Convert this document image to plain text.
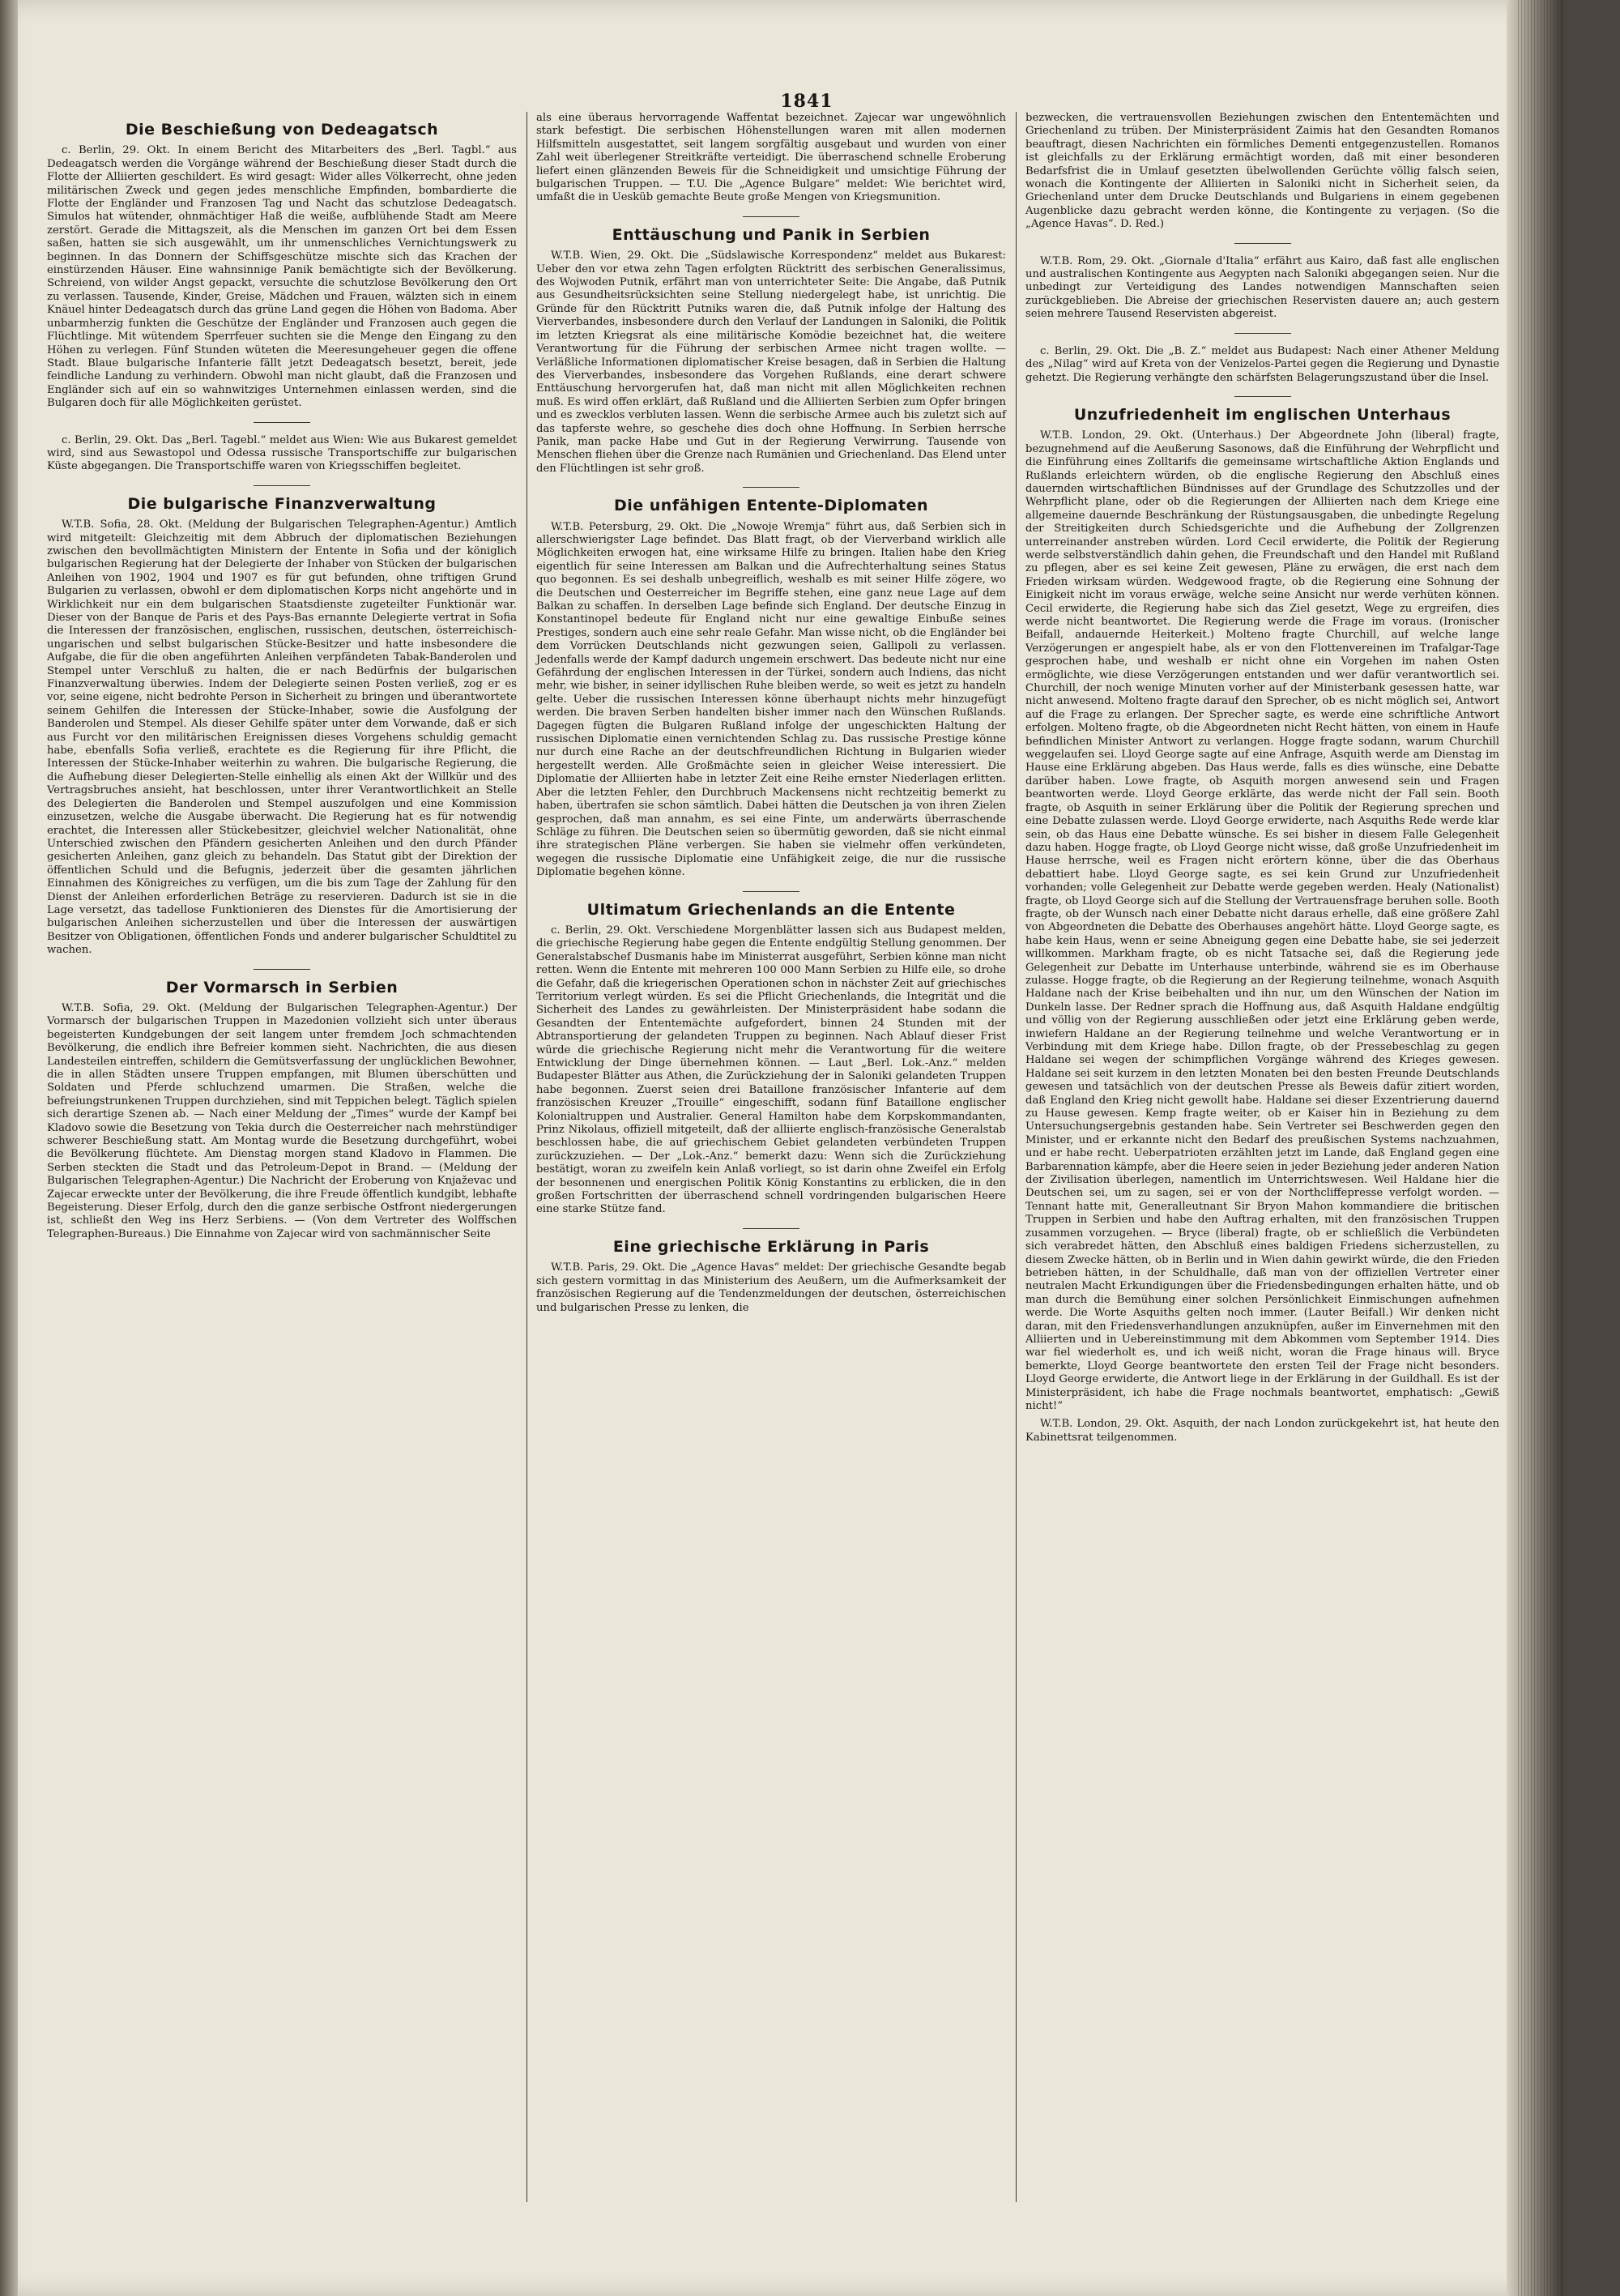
1841
Die Beschießung von Dedeagatsch

c. Berlin, 29. Okt. In einem Bericht des Mitarbeiters des „Berl. Tagbl.“ aus Dedeagatsch werden die Vorgänge während der Beschießung dieser Stadt durch die Flotte der Alliierten geschildert. Es wird gesagt: Wider alles Völkerrecht, ohne jeden militärischen Zweck und gegen jedes menschliche Empfinden, bombardierte die Flotte der Engländer und Franzosen Tag und Nacht das schutzlose Dedeagatsch. Simulos hat wütender, ohnmächtiger Haß die weiße, aufblühende Stadt am Meere zerstört. Gerade die Mittagszeit, als die Menschen im ganzen Ort bei dem Essen saßen, hatten sie sich ausgewählt, um ihr unmenschliches Vernichtungswerk zu beginnen. In das Donnern der Schiffsgeschütze mischte sich das Krachen der einstürzenden Häuser. Eine wahnsinnige Panik bemächtigte sich der Bevölkerung. Schreiend, von wilder Angst gepackt, versuchte die schutzlose Bevölkerung den Ort zu verlassen. Tausende, Kinder, Greise, Mädchen und Frauen, wälzten sich in einem Knäuel hinter Dedeagatsch durch das grüne Land gegen die Höhen von Badoma. Aber unbarmherzig funkten die Geschütze der Engländer und Franzosen auch gegen die Flüchtlinge. Mit wütendem Sperrfeuer suchten sie die Menge den Eingang zu den Höhen zu verlegen. Fünf Stunden wüteten die Meeresungeheuer gegen die offene Stadt. Blaue bulgarische Infanterie fällt jetzt Dedeagatsch besetzt, bereit, jede feindliche Landung zu verhindern. Obwohl man nicht glaubt, daß die Franzosen und Engländer sich auf ein so wahnwitziges Unternehmen einlassen werden, sind die Bulgaren doch für alle Möglichkeiten gerüstet.

c. Berlin, 29. Okt. Das „Berl. Tagebl.“ meldet aus Wien: Wie aus Bukarest gemeldet wird, sind aus Sewastopol und Odessa russische Transportschiffe zur bulgarischen Küste abgegangen. Die Transportschiffe waren von Kriegsschiffen begleitet.

Die bulgarische Finanzverwaltung

W.T.B. Sofia, 28. Okt. (Meldung der Bulgarischen Telegraphen-Agentur.) Amtlich wird mitgeteilt: Gleichzeitig mit dem Abbruch der diplomatischen Beziehungen zwischen den bevollmächtigten Ministern der Entente in Sofia und der königlich bulgarischen Regierung hat der Delegierte der Inhaber von Stücken der bulgarischen Anleihen von 1902, 1904 und 1907 es für gut befunden, ohne triftigen Grund Bulgarien zu verlassen, obwohl er dem diplomatischen Korps nicht angehörte und in Wirklichkeit nur ein dem bulgarischen Staatsdienste zugeteilter Funktionär war. Dieser von der Banque de Paris et des Pays-Bas ernannte Delegierte vertrat in Sofia die Interessen der französischen, englischen, russischen, deutschen, österreichisch-ungarischen und selbst bulgarischen Stücke-Besitzer und hatte insbesondere die Aufgabe, die für die oben angeführten Anleihen verpfändeten Tabak-Banderolen und Stempel unter Verschluß zu halten, die er nach Bedürfnis der bulgarischen Finanzverwaltung überwies. Indem der Delegierte seinen Posten verließ, zog er es vor, seine eigene, nicht bedrohte Person in Sicherheit zu bringen und überantwortete seinem Gehilfen die Interessen der Stücke-Inhaber, sowie die Ausfolgung der Banderolen und Stempel. Als dieser Gehilfe später unter dem Vorwande, daß er sich aus Furcht vor den militärischen Ereignissen dieses Vorgehens schuldig gemacht habe, ebenfalls Sofia verließ, erachtete es die Regierung für ihre Pflicht, die Interessen der Stücke-Inhaber weiterhin zu wahren. Die bulgarische Regierung, die die Aufhebung dieser Delegierten-Stelle einhellig als einen Akt der Willkür und des Vertragsbruches ansieht, hat beschlossen, unter ihrer Verantwortlichkeit an Stelle des Delegierten die Banderolen und Stempel auszufolgen und eine Kommission einzusetzen, welche die Ausgabe überwacht. Die Regierung hat es für notwendig erachtet, die Interessen aller Stückebesitzer, gleichviel welcher Nationalität, ohne Unterschied zwischen den Pfändern gesicherten Anleihen und den durch Pfänder gesicherten Anleihen, ganz gleich zu behandeln. Das Statut gibt der Direktion der öffentlichen Schuld und die Befugnis, jederzeit über die gesamten jährlichen Einnahmen des Königreiches zu verfügen, um die bis zum Tage der Zahlung für den Dienst der Anleihen erforderlichen Beträge zu reservieren. Dadurch ist sie in die Lage versetzt, das tadellose Funktionieren des Dienstes für die Amortisierung der bulgarischen Anleihen sicherzustellen und über die Interessen der auswärtigen Besitzer von Obligationen, öffentlichen Fonds und anderer bulgarischer Schuldtitel zu wachen.

Der Vormarsch in Serbien

W.T.B. Sofia, 29. Okt. (Meldung der Bulgarischen Telegraphen-Agentur.) Der Vormarsch der bulgarischen Truppen in Mazedonien vollzieht sich unter überaus begeisterten Kundgebungen der seit langem unter fremdem Joch schmachtenden Bevölkerung, die endlich ihre Befreier kommen sieht. Nachrichten, die aus diesen Landesteilen eintreffen, schildern die Gemütsverfassung der unglücklichen Bewohner, die in allen Städten unsere Truppen empfangen, mit Blumen überschütten und Soldaten und Pferde schluchzend umarmen. Die Straßen, welche die befreiungstrunkenen Truppen durchziehen, sind mit Teppichen belegt. Täglich spielen sich derartige Szenen ab. — Nach einer Meldung der „Times“ wurde der Kampf bei Kladovo sowie die Besetzung von Tekia durch die Oesterreicher nach mehrstündiger schwerer Beschießung statt. Am Montag wurde die Besetzung durchgeführt, wobei die Bevölkerung flüchtete. Am Dienstag morgen stand Kladovo in Flammen. Die Serben steckten die Stadt und das Petroleum-Depot in Brand. — (Meldung der Bulgarischen Telegraphen-Agentur.) Die Nachricht der Eroberung von Knjaževac und Zajecar erweckte unter der Bevölkerung, die ihre Freude öffentlich kundgibt, lebhafte Begeisterung. Dieser Erfolg, durch den die ganze serbische Ostfront niedergerungen ist, schließt den Weg ins Herz Serbiens. — (Von dem Vertreter des Wolffschen Telegraphen-Bureaus.) Die Einnahme von Zajecar wird von sachmännischer Seite

als eine überaus hervorragende Waffentat bezeichnet. Zajecar war ungewöhnlich stark befestigt. Die serbischen Höhenstellungen waren mit allen modernen Hilfsmitteln ausgestattet, seit langem sorgfältig ausgebaut und wurden von einer Zahl weit überlegener Streitkräfte verteidigt. Die überraschend schnelle Eroberung liefert einen glänzenden Beweis für die Schneidigkeit und umsichtige Führung der bulgarischen Truppen. — T.U. Die „Agence Bulgare“ meldet: Wie berichtet wird, umfaßt die in Uesküb gemachte Beute große Mengen von Kriegsmunition.

Enttäuschung und Panik in Serbien

W.T.B. Wien, 29. Okt. Die „Südslawische Korrespondenz“ meldet aus Bukarest: Ueber den vor etwa zehn Tagen erfolgten Rücktritt des serbischen Generalissimus, des Wojwoden Putnik, erfährt man von unterrichteter Seite: Die Angabe, daß Putnik aus Gesundheitsrücksichten seine Stellung niedergelegt habe, ist unrichtig. Die Gründe für den Rücktritt Putniks waren die, daß Putnik infolge der Haltung des Vierverbandes, insbesondere durch den Verlauf der Landungen in Saloniki, die Politik im letzten Kriegsrat als eine militärische Komödie bezeichnet hat, die weitere Verantwortung für die Führung der serbischen Armee nicht tragen wollte. — Verläßliche Informationen diplomatischer Kreise besagen, daß in Serbien die Haltung des Vierverbandes, insbesondere das Vorgehen Rußlands, eine derart schwere Enttäuschung hervorgerufen hat, daß man nicht mit allen Möglichkeiten rechnen muß. Es wird offen erklärt, daß Rußland und die Alliierten Serbien zum Opfer bringen und es zwecklos verbluten lassen. Wenn die serbische Armee auch bis zuletzt sich auf das tapferste wehre, so geschehe dies doch ohne Hoffnung. In Serbien herrsche Panik, man packe Habe und Gut in der Regierung Verwirrung. Tausende von Menschen fliehen über die Grenze nach Rumänien und Griechenland. Das Elend unter den Flüchtlingen ist sehr groß.

Die unfähigen Entente-Diplomaten

W.T.B. Petersburg, 29. Okt. Die „Nowoje Wremja“ führt aus, daß Serbien sich in allerschwierigster Lage befindet. Das Blatt fragt, ob der Vierverband wirklich alle Möglichkeiten erwogen hat, eine wirksame Hilfe zu bringen. Italien habe den Krieg eigentlich für seine Interessen am Balkan und die Aufrechterhaltung seines Status quo begonnen. Es sei deshalb unbegreiflich, weshalb es mit seiner Hilfe zögere, wo die Deutschen und Oesterreicher im Begriffe stehen, eine ganz neue Lage auf dem Balkan zu schaffen. In derselben Lage befinde sich England. Der deutsche Einzug in Konstantinopel bedeute für England nicht nur eine gewaltige Einbuße seines Prestiges, sondern auch eine sehr reale Gefahr. Man wisse nicht, ob die Engländer bei dem Vorrücken Deutschlands nicht gezwungen seien, Gallipoli zu verlassen. Jedenfalls werde der Kampf dadurch ungemein erschwert. Das bedeute nicht nur eine Gefährdung der englischen Interessen in der Türkei, sondern auch Indiens, das nicht mehr, wie bisher, in seiner idyllischen Ruhe bleiben werde, so weit es jetzt zu handeln gelte. Ueber die russischen Interessen könne überhaupt nichts mehr hinzugefügt werden. Die braven Serben handelten bisher immer nach den Wünschen Rußlands. Dagegen fügten die Bulgaren Rußland infolge der ungeschickten Haltung der russischen Diplomatie einen vernichtenden Schlag zu. Das russische Prestige könne nur durch eine Rache an der deutschfreundlichen Richtung in Bulgarien wieder hergestellt werden. Alle Großmächte seien in gleicher Weise interessiert. Die Diplomatie der Alliierten habe in letzter Zeit eine Reihe ernster Niederlagen erlitten. Aber die letzten Fehler, den Durchbruch Mackensens nicht rechtzeitig bemerkt zu haben, übertrafen sie schon sämtlich. Dabei hätten die Deutschen ja von ihren Zielen gesprochen, daß man annahm, es sei eine Finte, um anderwärts überraschende Schläge zu führen. Die Deutschen seien so übermütig geworden, daß sie nicht einmal ihre strategischen Pläne verbergen. Sie haben sie vielmehr offen verkündeten, wegegen die russische Diplomatie eine Unfähigkeit zeige, die nur die russische Diplomatie begehen könne.

Ultimatum Griechenlands an die Entente

c. Berlin, 29. Okt. Verschiedene Morgenblätter lassen sich aus Budapest melden, die griechische Regierung habe gegen die Entente endgültig Stellung genommen. Der Generalstabschef Dusmanis habe im Ministerrat ausgeführt, Serbien könne man nicht retten. Wenn die Entente mit mehreren 100 000 Mann Serbien zu Hilfe eile, so drohe die Gefahr, daß die kriegerischen Operationen schon in nächster Zeit auf griechisches Territorium verlegt würden. Es sei die Pflicht Griechenlands, die Integrität und die Sicherheit des Landes zu gewährleisten. Der Ministerpräsident habe sodann die Gesandten der Ententemächte aufgefordert, binnen 24 Stunden mit der Abtransportierung der gelandeten Truppen zu beginnen. Nach Ablauf dieser Frist würde die griechische Regierung nicht mehr die Verantwortung für die weitere Entwicklung der Dinge übernehmen können. — Laut „Berl. Lok.-Anz.“ melden Budapester Blätter aus Athen, die Zurückziehung der in Saloniki gelandeten Truppen habe begonnen. Zuerst seien drei Bataillone französischer Infanterie auf dem französischen Kreuzer „Trouille“ eingeschifft, sodann fünf Bataillone englischer Kolonialtruppen und Australier. General Hamilton habe dem Korpskommandanten, Prinz Nikolaus, offiziell mitgeteilt, daß der alliierte englisch-französische Generalstab beschlossen habe, die auf griechischem Gebiet gelandeten verbündeten Truppen zurückzuziehen. — Der „Lok.-Anz.“ bemerkt dazu: Wenn sich die Zurückziehung bestätigt, woran zu zweifeln kein Anlaß vorliegt, so ist darin ohne Zweifel ein Erfolg der besonnenen und energischen Politik König Konstantins zu erblicken, die in den großen Fortschritten der überraschend schnell vordringenden bulgarischen Heere eine starke Stütze fand.

Eine griechische Erklärung in Paris

W.T.B. Paris, 29. Okt. Die „Agence Havas“ meldet: Der griechische Gesandte begab sich gestern vormittag in das Ministerium des Aeußern, um die Aufmerksamkeit der französischen Regierung auf die Tendenzmeldungen der deutschen, österreichischen und bulgarischen Presse zu lenken, die

bezwecken, die vertrauensvollen Beziehungen zwischen den Ententemächten und Griechenland zu trüben. Der Ministerpräsident Zaimis hat den Gesandten Romanos beauftragt, diesen Nachrichten ein förmliches Dementi entgegenzustellen. Romanos ist gleichfalls zu der Erklärung ermächtigt worden, daß mit einer besonderen Bedarfsfrist die in Umlauf gesetzten übelwollenden Gerüchte völlig falsch seien, wonach die Kontingente der Alliierten in Saloniki nicht in Sicherheit seien, da Griechenland unter dem Drucke Deutschlands und Bulgariens in einem gegebenen Augenblicke dazu gebracht werden könne, die Kontingente zu verjagen. (So die „Agence Havas“. D. Red.)

W.T.B. Rom, 29. Okt. „Giornale d'Italia“ erfährt aus Kairo, daß fast alle englischen und australischen Kontingente aus Aegypten nach Saloniki abgegangen seien. Nur die unbedingt zur Verteidigung des Landes notwendigen Mannschaften seien zurückgeblieben. Die Abreise der griechischen Reservisten dauere an; auch gestern seien mehrere Tausend Reservisten abgereist.

c. Berlin, 29. Okt. Die „B. Z.“ meldet aus Budapest: Nach einer Athener Meldung des „Nilag“ wird auf Kreta von der Venizelos-Partei gegen die Regierung und Dynastie gehetzt. Die Regierung verhängte den schärfsten Belagerungszustand über die Insel.

Unzufriedenheit im englischen Unterhaus

W.T.B. London, 29. Okt. (Unterhaus.) Der Abgeordnete John (liberal) fragte, bezugnehmend auf die Aeußerung Sasonows, daß die Einführung der Wehrpflicht und die Einführung eines Zolltarifs die gemeinsame wirtschaftliche Aktion Englands und Rußlands erleichtern würden, ob die englische Regierung den Abschluß eines dauernden wirtschaftlichen Bündnisses auf der Grundlage des Schutzzolles und der Wehrpflicht plane, oder ob die Regierungen der Alliierten nach dem Kriege eine allgemeine dauernde Beschränkung der Rüstungsausgaben, die unbedingte Regelung der Streitigkeiten durch Schiedsgerichte und die Aufhebung der Zollgrenzen unterreinander anstreben würden. Lord Cecil erwiderte, die Politik der Regierung werde selbstverständlich dahin gehen, die Freundschaft und den Handel mit Rußland zu pflegen, aber es sei keine Zeit gewesen, Pläne zu erwägen, die erst nach dem Frieden wirksam würden. Wedgewood fragte, ob die Regierung eine Sohnung der Einigkeit nicht im voraus erwäge, welche seine Ansicht nur werde verhüten können. Cecil erwiderte, die Regierung habe sich das Ziel gesetzt, Wege zu ergreifen, dies werde nicht beantwortet. Die Regierung werde die Frage im voraus. (Ironischer Beifall, andauernde Heiterkeit.) Molteno fragte Churchill, auf welche lange Verzögerungen er angespielt habe, als er von den Flottenvereinen im Trafalgar-Tage gesprochen habe, und weshalb er nicht ohne ein Vorgehen im nahen Osten ermöglichte, wie diese Verzögerungen entstanden und wer dafür verantwortlich sei. Churchill, der noch wenige Minuten vorher auf der Ministerbank gesessen hatte, war nicht anwesend. Molteno fragte darauf den Sprecher, ob es nicht möglich sei, Antwort auf die Frage zu erlangen. Der Sprecher sagte, es werde eine schriftliche Antwort erfolgen. Molteno fragte, ob die Abgeordneten nicht Recht hätten, von einem in Haufe befindlichen Minister Antwort zu verlangen. Hogge fragte sodann, warum Churchill weggelaufen sei. Lloyd George sagte auf eine Anfrage, Asquith werde am Dienstag im Hause eine Erklärung abgeben. Das Haus werde, falls es dies wünsche, eine Debatte darüber haben. Lowe fragte, ob Asquith morgen anwesend sein und Fragen beantworten werde. Lloyd George erklärte, das werde nicht der Fall sein. Booth fragte, ob Asquith in seiner Erklärung über die Politik der Regierung sprechen und eine Debatte zulassen werde. Lloyd George erwiderte, nach Asquiths Rede werde klar sein, ob das Haus eine Debatte wünsche. Es sei bisher in diesem Falle Gelegenheit dazu haben. Hogge fragte, ob Lloyd George nicht wisse, daß große Unzufriedenheit im Hause herrsche, weil es Fragen nicht erörtern könne, über die das Oberhaus debattiert habe. Lloyd George sagte, es sei kein Grund zur Unzufriedenheit vorhanden; volle Gelegenheit zur Debatte werde gegeben werden. Healy (Nationalist) fragte, ob Lloyd George sich auf die Stellung der Vertrauensfrage beruhen solle. Booth fragte, ob der Wunsch nach einer Debatte nicht daraus erhelle, daß eine größere Zahl von Abgeordneten die Debatte des Oberhauses angehört hätte. Lloyd George sagte, es habe kein Haus, wenn er seine Abneigung gegen eine Debatte habe, sie sei jederzeit willkommen. Markham fragte, ob es nicht Tatsache sei, daß die Regierung jede Gelegenheit zur Debatte im Unterhause unterbinde, während sie es im Oberhause zulasse. Hogge fragte, ob die Regierung an der Regierung teilnehme, wonach Asquith Haldane nach der Krise beibehalten und ihn nur, um den Wünschen der Nation im Dunkeln lasse. Der Redner sprach die Hoffnung aus, daß Asquith Haldane endgültig und völlig von der Regierung ausschließen oder jetzt eine Erklärung geben werde, inwiefern Haldane an der Regierung teilnehme und welche Verantwortung er in Verbindung mit dem Kriege habe. Dillon fragte, ob der Pressebeschlag zu gegen Haldane sei wegen der schimpflichen Vorgänge während des Krieges gewesen. Haldane sei seit kurzem in den letzten Monaten bei den besten Freunde Deutschlands gewesen und tatsächlich von der deutschen Presse als Beweis dafür zitiert worden, daß England den Krieg nicht gewollt habe. Haldane sei dieser Exzentrierung dauernd zu Hause gewesen. Kemp fragte weiter, ob er Kaiser hin in Beziehung zu dem Untersuchungsergebnis gestanden habe. Sein Vertreter sei Beschwerden gegen den Minister, und er erkannte nicht den Bedarf des preußischen Systems nachzuahmen, und er habe recht. Ueberpatrioten erzählten jetzt im Lande, daß England gegen eine Barbarennation kämpfe, aber die Heere seien in jeder Beziehung jeder anderen Nation der Zivilisation überlegen, namentlich im Unterrichtswesen. Weil Haldane hier die Deutschen sei, um zu sagen, sei er von der Northcliffepresse verfolgt worden. — Tennant hatte mit, Generalleutnant Sir Bryon Mahon kommandiere die britischen Truppen in Serbien und habe den Auftrag erhalten, mit den französischen Truppen zusammen vorzugehen. — Bryce (liberal) fragte, ob er schließlich die Verbündeten sich verabredet hätten, den Abschluß eines baldigen Friedens sicherzustellen, zu diesem Zwecke hätten, ob in Berlin und in Wien dahin gewirkt würde, die den Frieden betrieben hätten, in der Schuldhalle, daß man von der offiziellen Vertreter einer neutralen Macht Erkundigungen über die Friedensbedingungen erhalten hätte, und ob man durch die Bemühung einer solchen Persönlichkeit Einmischungen aufnehmen werde. Die Worte Asquiths gelten noch immer. (Lauter Beifall.) Wir denken nicht daran, mit den Friedensverhandlungen anzuknüpfen, außer im Einvernehmen mit den Alliierten und in Uebereinstimmung mit dem Abkommen vom September 1914. Dies war fiel wiederholt es, und ich weiß nicht, woran die Frage hinaus will. Bryce bemerkte, Lloyd George beantwortete den ersten Teil der Frage nicht besonders. Lloyd George erwiderte, die Antwort liege in der Erklärung in der Guildhall. Es ist der Ministerpräsident, ich habe die Frage nochmals beantwortet, emphatisch: „Gewiß nicht!“

W.T.B. London, 29. Okt. Asquith, der nach London zurückgekehrt ist, hat heute den Kabinettsrat teilgenommen.
